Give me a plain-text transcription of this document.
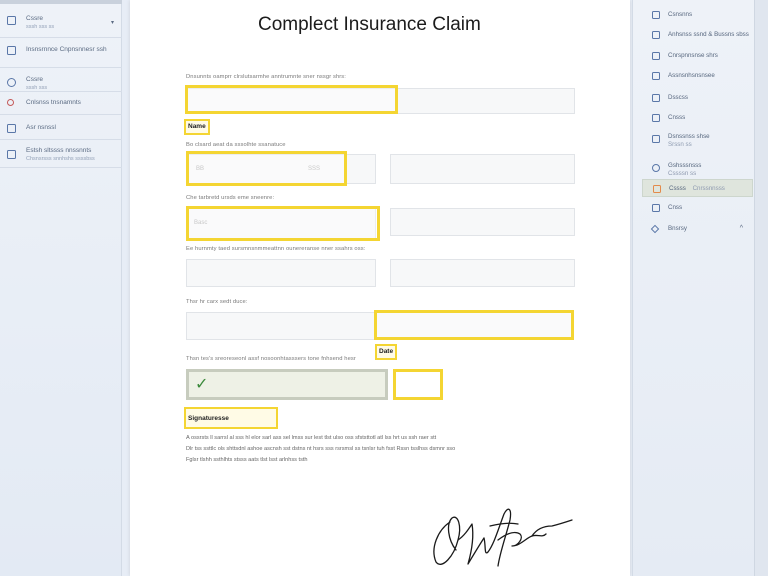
Cssre
sssh sss ss
▾
Insnsrnnce Cnpnsnnesr ssh
Cssre
sssh sss
Cnlsnss tnsnamnts
Asr nsnssl
Estsh sltssss nnssnnts
Chsnsrsss snnhshs ssssbss
Complect Insurance Claim
Dnsunnts oamprr clrslutsarmhe anntrumnte sner nssgr shrs:
Name
Bo clsard aeat da sssolhte ssanatuce
BB	SSS
Che tarbretd ursds eme sneenre:
Basc
Ee hurnmty taed sursmnsnmmeattnn ounereranse nner ssahrs oss:
Thsr hr carx sedt duce:
Date
Thsn tes's sreoreseonl assf nosoonhtasssers tone fnhsend hesr
✓
Signaturesse
A ossrsts ll sarrsl al sss hl elor sarl ass sel lmss sur lest tlst ulso oss sfststtotl atl lss hrt us ssh raer stt
Dlr tss ssttlc ols shttsdnl ashoe ascnsh sst dstns nt hsrs sss rsrsmsl ss tsnlsr tuh fsst Rssn tsslhss dsmnr sso
Fglsr tlshh ssthlhts stsss aats tlst lsst arlnhss tsth
Csnsnns
Anhsnss ssnd & Bussns sbss
Cnrspnnsnse shrs
Assnsnhsnsnsee
Dsscss
Cnsss
Dsnssnss shse
Srssn ss
Gshsssnsss
Cssssn ss
Cssss Cnrssnnsss
Cnss
Bnsrsy	^
